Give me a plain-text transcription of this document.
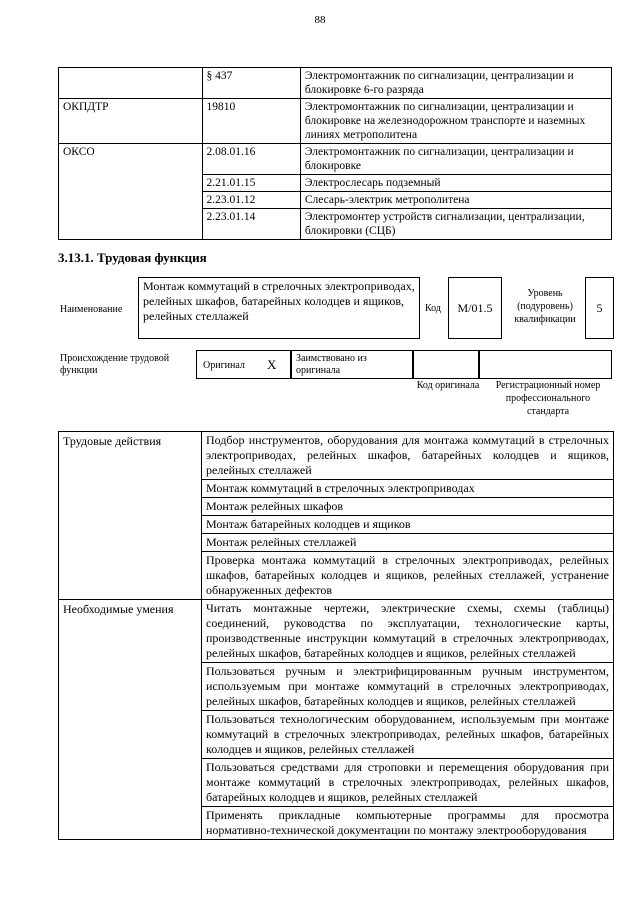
88
	§ 437	Электромонтажник по сигнализации, централизации и блокировке 6-го разряда
ОКПДТР	19810	Электромонтажник по сигнализации, централизации и блокировке на железнодорожном транспорте и наземных линиях метрополитена
ОКСО	2.08.01.16	Электромонтажник по сигнализации, централизации и блокировке
	2.21.01.15	Электрослесарь подземный
	2.23.01.12	Слесарь-электрик метрополитена
	2.23.01.14	Электромонтер устройств сигнализации, централизации, блокировки (СЦБ)
3.13.1. Трудовая функция
Наименование
Монтаж коммутаций в стрелочных электроприводах, релейных шкафов, батарейных колодцев и ящиков, релейных стеллажей
Код	M/01.5
Уровень (подуровень) квалификации
5
Происхождение трудовой функции	Оригинал X	Заимствовано из оригинала
Код оригинала	Регистрационный номер профессионального стандарта
Трудовые действия	Подбор инструментов, оборудования для монтажа коммутаций в стрелочных электроприводах, релейных шкафов, батарейных колодцев и ящиков, релейных стеллажей
	Монтаж коммутаций в стрелочных электроприводах
	Монтаж релейных шкафов
	Монтаж батарейных колодцев и ящиков
	Монтаж релейных стеллажей
	Проверка монтажа коммутаций в стрелочных электроприводах, релейных шкафов, батарейных колодцев и ящиков, релейных стеллажей, устранение обнаруженных дефектов
Необходимые умения	Читать монтажные чертежи, электрические схемы, схемы (таблицы) соединений, руководства по эксплуатации, технологические карты, производственные инструкции коммутаций в стрелочных электроприводах, релейных шкафов, батарейных колодцев и ящиков, релейных стеллажей
	Пользоваться ручным и электрифицированным ручным инструментом, используемым при монтаже коммутаций в стрелочных электроприводах, релейных шкафов, батарейных колодцев и ящиков, релейных стеллажей
	Пользоваться технологическим оборудованием, используемым при монтаже коммутаций в стрелочных электроприводах, релейных шкафов, батарейных колодцев и ящиков, релейных стеллажей
	Пользоваться средствами для строповки и перемещения оборудования при монтаже коммутаций в стрелочных электроприводах, релейных шкафов, батарейных колодцев и ящиков, релейных стеллажей
	Применять прикладные компьютерные программы для просмотра нормативно-технической документации по монтажу электрооборудования
